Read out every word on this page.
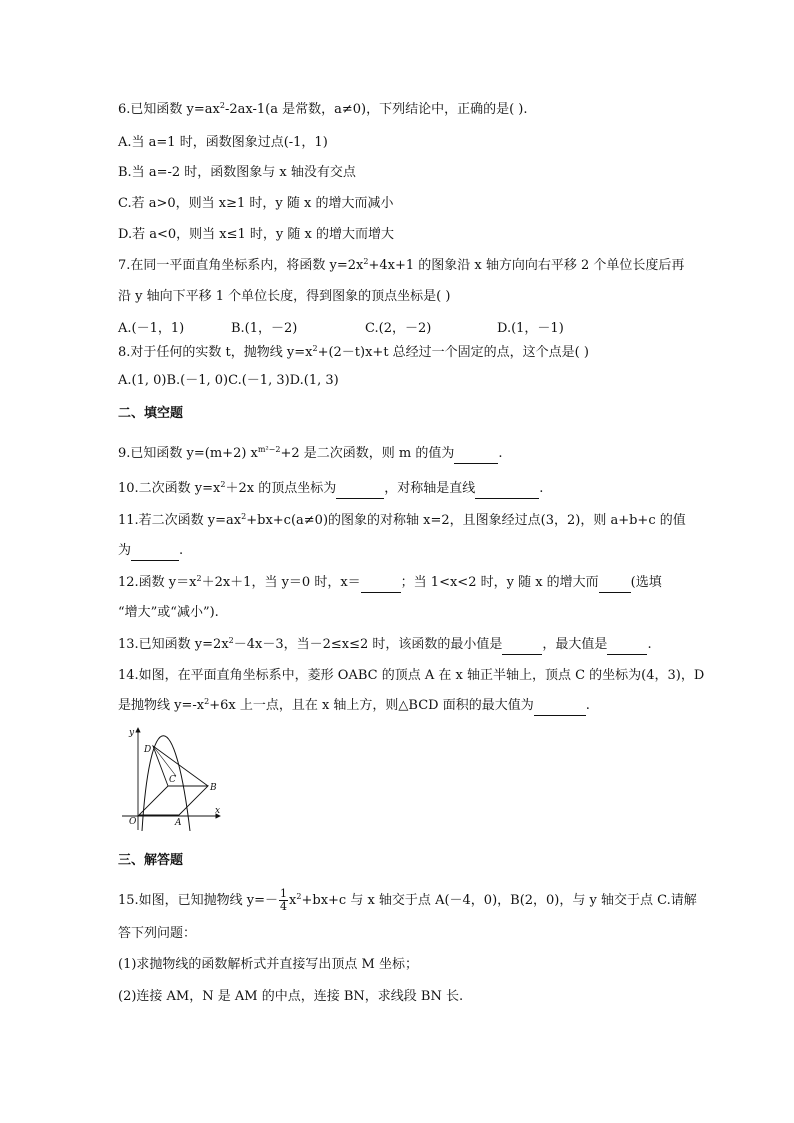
6.已知函数 $y=ax^2-2ax-1(a$ 是常数，a≠0)，下列结论中，正确的是( ).
A.当 a=1 时，函数图象过点(-1，1)
B.当 a=-2 时，函数图象与 x 轴没有交点
C.若 a>0，则当 x≥1 时，y 随 x 的增大而减小
D.若 a<0，则当 x≤1 时，y 随 x 的增大而增大
7.在同一平面直角坐标系内，将函数 $y=2x^2+4x+1$ 的图象沿 x 轴方向向右平移 2 个单位长度后再
沿 y 轴向下平移 1 个单位长度，得到图象的顶点坐标是( )
A.(－1，1)	B.(1，－2)	C.(2，－2)	D.(1，－1)
8.对于任何的实数 t，抛物线 $y=x^2+(2-t)x+t$ 总经过一个固定的点，这个点是( )
A.(1, 0)B.(－1, 0)C.(－1, 3)D.(1, 3)
二、填空题
9.已知函数 y=(m+2) $x^{m^2-2}+2$ 是二次函数，则 m 的值为	.
10.二次函数 $y=x^2+2x$ 的顶点坐标为	，对称轴是直线	.
11.若二次函数 $y=ax^2+bx+c(a\ne 0)$的图象的对称轴 x=2，且图象经过点(3，2)，则 a+b+c 的值
为	.
12.函数 $y=x^2+2x+1$，当 y＝0 时，x＝	；当 1<x<2 时，y 随 x 的增大而 (选填
“增大”或“减小”).
13.已知函数 $y=2x^2-4x-3$，当－2≤x≤2 时，该函数的最小值是	，最大值是	.
14.如图，在平面直角坐标系中，菱形 OABC 的顶点 A 在 x 轴正半轴上，顶点 C 的坐标为(4，3)，D
是抛物线 $y=-x^2+6x$ 上一点，且在 x 轴上方，则△BCD 面积的最大值为	.
y
x
O	A
B
C
D
三、解答题
15.如图，已知抛物线 $y=- \frac{1}{4} x^2+bx+c$ 与 x 轴交于点 A(－4，0)，B(2，0)，与 y 轴交于点 C.请解
答下列问题：
(1)求抛物线的函数解析式并直接写出顶点 M 坐标；
(2)连接 AM，N 是 AM 的中点，连接 BN，求线段 BN 长.
